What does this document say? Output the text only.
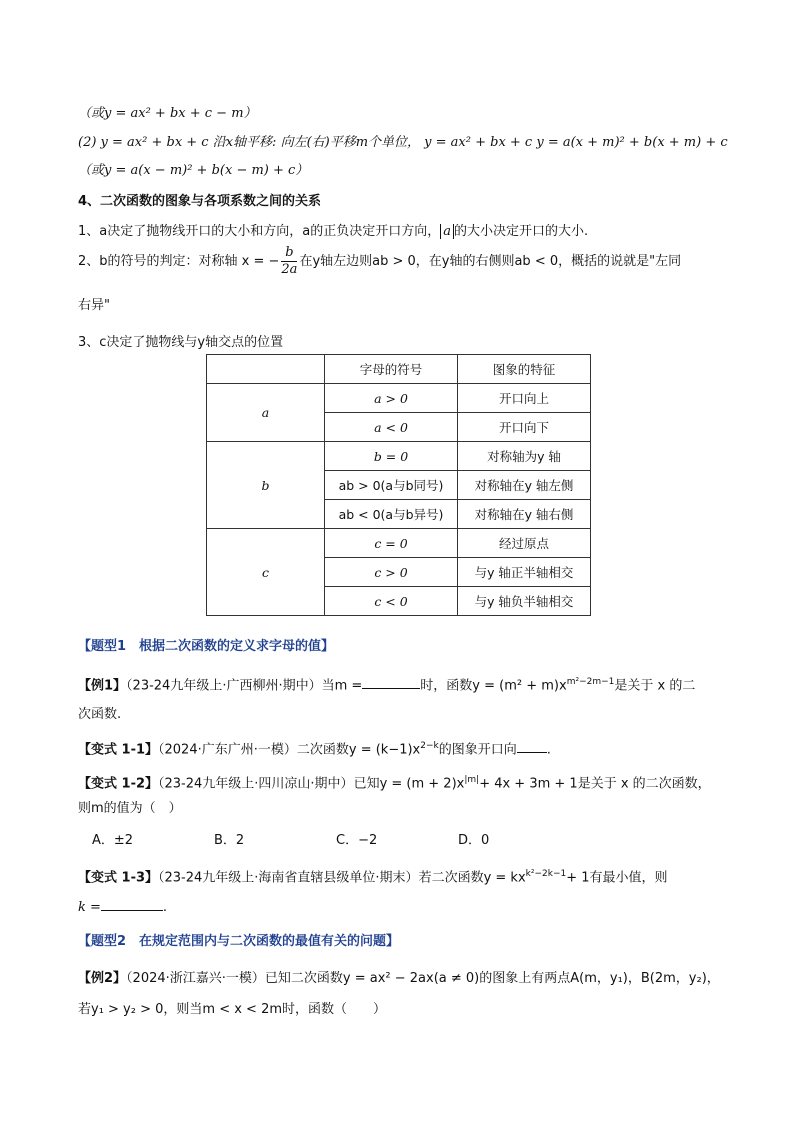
（或y = ax² + bx + c − m）
(2) y = ax² + bx + c 沿x轴平移: 向左(右)平移m个单位， y = ax² + bx + c y = a(x + m)² + b(x + m) + c
（或y = a(x − m)² + b(x − m) + c）
4、二次函数的图象与各项系数之间的关系
1、a决定了抛物线开口的大小和方向，a的正负决定开口方向， a 的大小决定开口的大小.
2、b的符号的判定：对称轴 x = − $\frac{b}{2a}$ 在y轴左边则ab > 0，在y轴的右侧则ab < 0，概括的说就是"左同
右异"
3、c决定了抛物线与y轴交点的位置
	字母的符号	图象的特征
a	a > 0	开口向上
	a < 0	开口向下
b	b = 0	对称轴为y 轴
	ab > 0(a与b同号)	对称轴在y 轴左侧
	ab < 0(a与b异号)	对称轴在y 轴右侧
c	c = 0	经过原点
	c > 0	与y 轴正半轴相交
	c < 0	与y 轴负半轴相交
【题型1　根据二次函数的定义求字母的值】
【例1】（23-24九年级上·广西柳州·期中）当m =	时，函数$y = (m^2 + m)x^{m^2-2m-1}$是关于 x 的二
次函数.
【变式 1-1】（2024·广东广州·一模）二次函数$y = (k-1)x^{2-k}$的图象开口向 .
【变式 1-2】（23-24九年级上·四川凉山·期中）已知$y = (m + 2)x^{|m|}+ 4x + 3m + 1$是关于 x 的二次函数，
则m的值为（　）
A．±2	B．2	C．−2	D．0
【变式 1-3】（23-24九年级上·海南省直辖县级单位·期末）若二次函数$y = kx^{k^2-2k-1}+ 1$有最小值，则
k =	.
【题型2　在规定范围内与二次函数的最值有关的问题】
【例2】（2024·浙江嘉兴·一模）已知二次函数y = ax² − 2ax(a ≠ 0)的图象上有两点A(m，y₁)，B(2m，y₂)，
若y₁ > y₂ > 0，则当m < x < 2m时，函数（　　）
